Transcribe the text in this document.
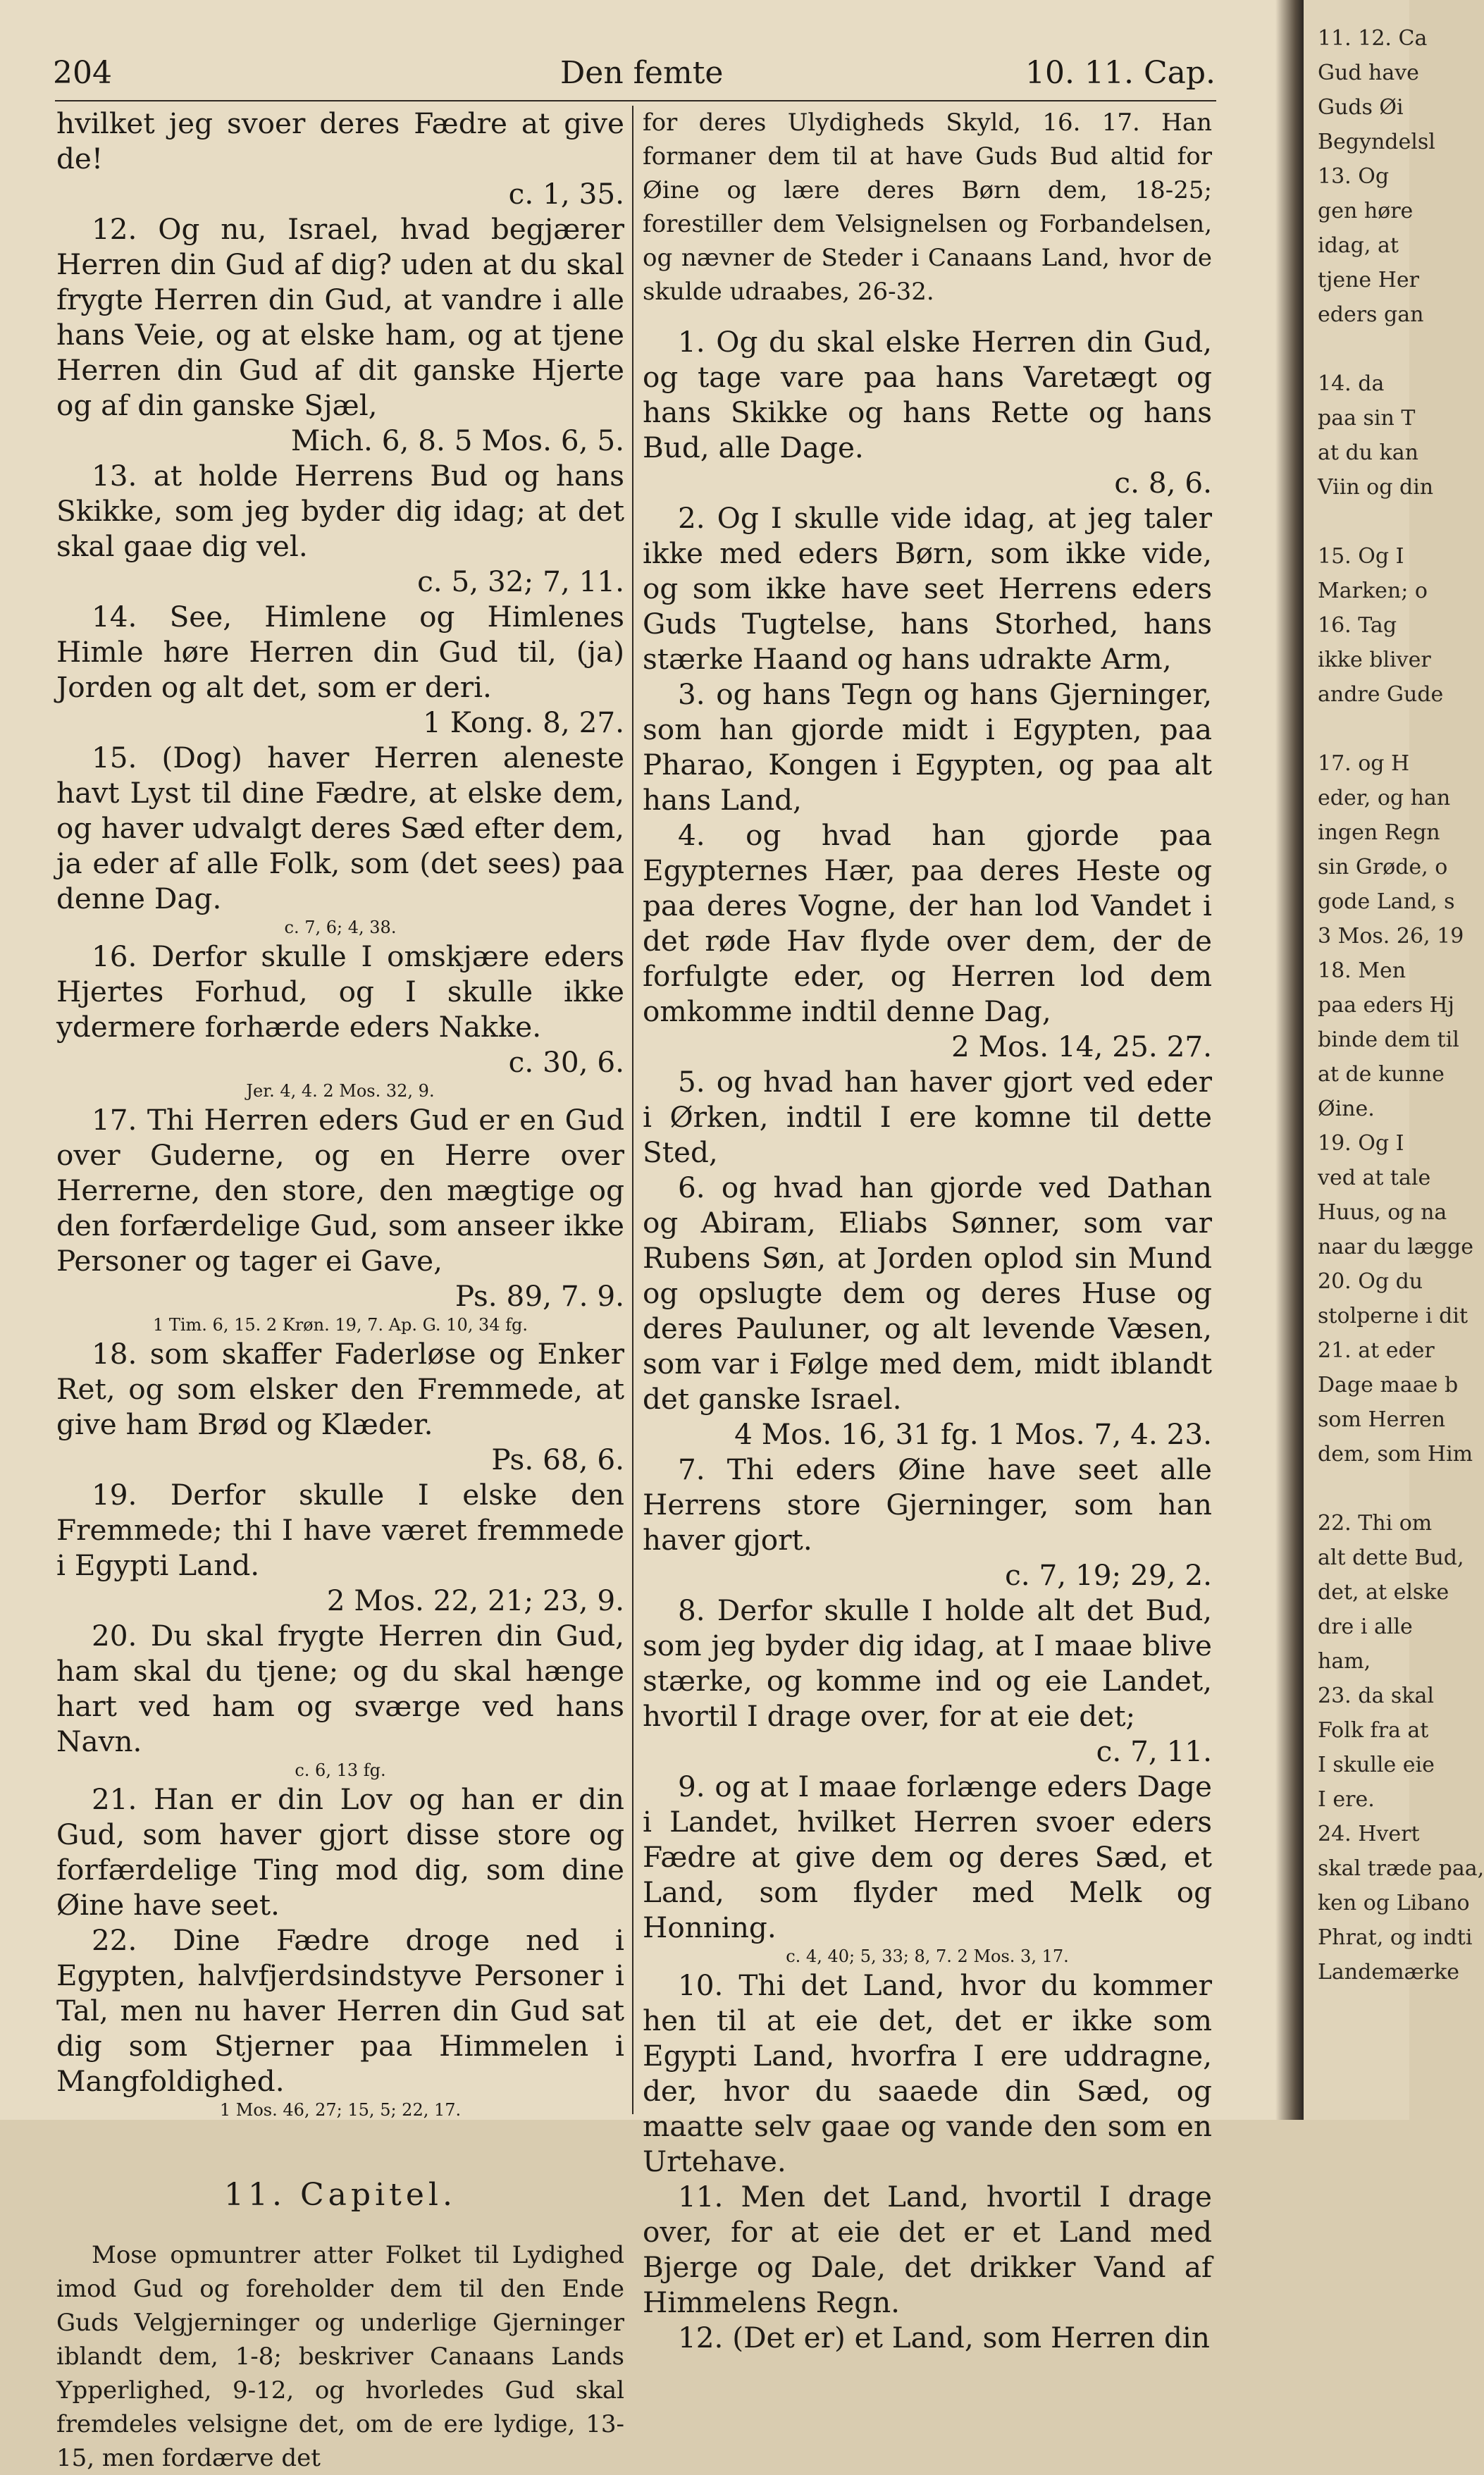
204	Den femte	10. 11. Cap.

hvilket jeg svoer deres Fædre at give de!
c. 1, 35.

12. Og nu, Israel, hvad begjærer Herren din Gud af dig? uden at du skal frygte Herren din Gud, at vandre i alle hans Veie, og at elske ham, og at tjene Herren din Gud af dit ganske Hjerte og af din ganske Sjæl,
Mich. 6, 8. 5 Mos. 6, 5.

13. at holde Herrens Bud og hans Skikke, som jeg byder dig idag; at det skal gaae dig vel.
c. 5, 32; 7, 11.

14. See, Himlene og Himlenes Himle høre Herren din Gud til, (ja) Jorden og alt det, som er deri.
1 Kong. 8, 27.

15. (Dog) haver Herren aleneste havt Lyst til dine Fædre, at elske dem, og haver udvalgt deres Sæd efter dem, ja eder af alle Folk, som (det sees) paa denne Dag.

c. 7, 6; 4, 38.

16. Derfor skulle I omskjære eders Hjertes Forhud, og I skulle ikke ydermere forhærde eders Nakke.
c. 30, 6.

Jer. 4, 4. 2 Mos. 32, 9.

17. Thi Herren eders Gud er en Gud over Guderne, og en Herre over Herrerne, den store, den mægtige og den forfærdelige Gud, som anseer ikke Personer og tager ei Gave,
Ps. 89, 7. 9.

1 Tim. 6, 15. 2 Krøn. 19, 7. Ap. G. 10, 34 fg.

18. som skaffer Faderløse og Enker Ret, og som elsker den Fremmede, at give ham Brød og Klæder.
Ps. 68, 6.

19. Derfor skulle I elske den Fremmede; thi I have været fremmede i Egypti Land.
2 Mos. 22, 21; 23, 9.

20. Du skal frygte Herren din Gud, ham skal du tjene; og du skal hænge hart ved ham og sværge ved hans Navn.

c. 6, 13 fg.

21. Han er din Lov og han er din Gud, som haver gjort disse store og forfærdelige Ting mod dig, som dine Øine have seet.

22. Dine Fædre droge ned i Egypten, halvfjerdsindstyve Personer i Tal, men nu haver Herren din Gud sat dig som Stjerner paa Himmelen i Mangfoldighed.

1 Mos. 46, 27; 15, 5; 22, 17.

11. Capitel.

Mose opmuntrer atter Folket til Lydighed imod Gud og foreholder dem til den Ende Guds Velgjerninger og underlige Gjerninger iblandt dem, 1-8; beskriver Canaans Lands Ypperlighed, 9-12, og hvorledes Gud skal fremdeles velsigne det, om de ere lydige, 13-15, men fordærve det

for deres Ulydigheds Skyld, 16. 17. Han formaner dem til at have Guds Bud altid for Øine og lære deres Børn dem, 18-25; forestiller dem Velsignelsen og Forbandelsen, og nævner de Steder i Canaans Land, hvor de skulde udraabes, 26-32.

1. Og du skal elske Herren din Gud, og tage vare paa hans Varetægt og hans Skikke og hans Rette og hans Bud, alle Dage.
c. 8, 6.

2. Og I skulle vide idag, at jeg taler ikke med eders Børn, som ikke vide, og som ikke have seet Herrens eders Guds Tugtelse, hans Storhed, hans stærke Haand og hans udrakte Arm,

3. og hans Tegn og hans Gjerninger, som han gjorde midt i Egypten, paa Pharao, Kongen i Egypten, og paa alt hans Land,

4. og hvad han gjorde paa Egypternes Hær, paa deres Heste og paa deres Vogne, der han lod Vandet i det røde Hav flyde over dem, der de forfulgte eder, og Herren lod dem omkomme indtil denne Dag,
2 Mos. 14, 25. 27.

5. og hvad han haver gjort ved eder i Ørken, indtil I ere komne til dette Sted,

6. og hvad han gjorde ved Dathan og Abiram, Eliabs Sønner, som var Rubens Søn, at Jorden oplod sin Mund og opslugte dem og deres Huse og deres Pauluner, og alt levende Væsen, som var i Følge med dem, midt iblandt det ganske Israel.
4 Mos. 16, 31 fg. 1 Mos. 7, 4. 23.

7. Thi eders Øine have seet alle Herrens store Gjerninger, som han haver gjort.
c. 7, 19; 29, 2.

8. Derfor skulle I holde alt det Bud, som jeg byder dig idag, at I maae blive stærke, og komme ind og eie Landet, hvortil I drage over, for at eie det;
c. 7, 11.

9. og at I maae forlænge eders Dage i Landet, hvilket Herren svoer eders Fædre at give dem og deres Sæd, et Land, som flyder med Melk og Honning.

c. 4, 40; 5, 33; 8, 7. 2 Mos. 3, 17.

10. Thi det Land, hvor du kommer hen til at eie det, det er ikke som Egypti Land, hvorfra I ere uddragne, der, hvor du saaede din Sæd, og maatte selv gaae og vande den som en Urtehave.

11. Men det Land, hvortil I drage over, for at eie det er et Land med Bjerge og Dale, det drikker Vand af Himmelens Regn.

12. (Det er) et Land, som Herren din

11. 12. Ca

Gud have

Guds Øi

Begyndelsl

13. Og

gen høre

idag, at

tjene Her

eders gan

14. da

paa sin T

at du kan

Viin og din

15. Og I

Marken; o

16. Tag

ikke bliver

andre Gude

17. og H

eder, og han

ingen Regn

sin Grøde, o

gode Land, s

3 Mos. 26, 19

18. Men

paa eders Hj

binde dem til

at de kunne

Øine.

19. Og I

ved at tale

Huus, og na

naar du lægge

20. Og du

stolperne i dit

21. at eder

Dage maae b

som Herren

dem, som Him

22. Thi om

alt dette Bud,

det, at elske

dre i alle

ham,

23. da skal

Folk fra at

I skulle eie

I ere.

24. Hvert

skal træde paa,

ken og Libano

Phrat, og indti

Landemærke
